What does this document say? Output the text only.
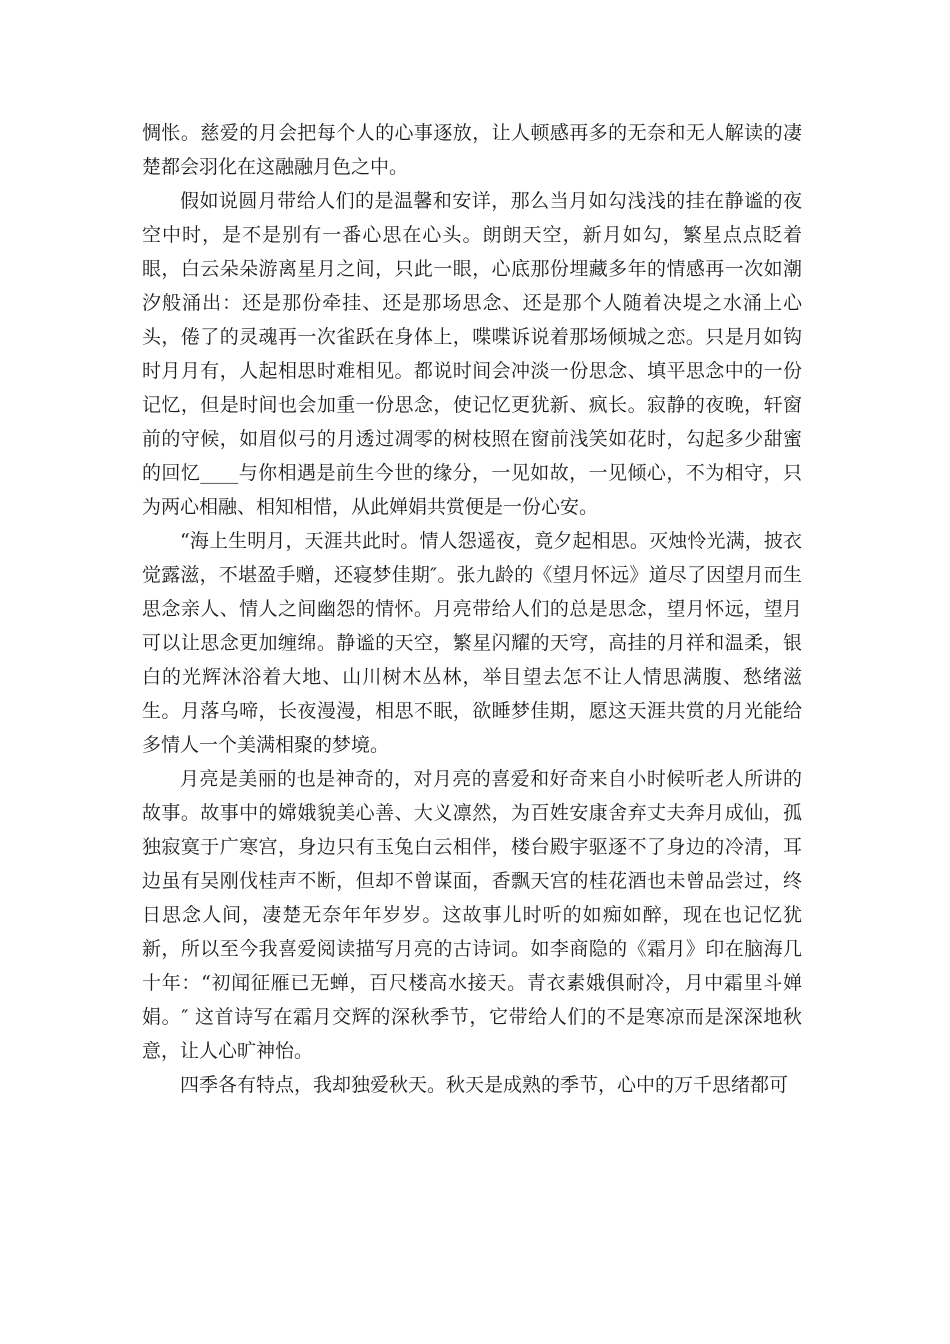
惆怅。慈爱的月会把每个人的心事逐放，让人顿感再多的无奈和无人解读的凄楚都会羽化在这融融月色之中。

假如说圆月带给人们的是温馨和安详，那么当月如勾浅浅的挂在静谧的夜空中时，是不是别有一番心思在心头。朗朗天空，新月如勾，繁星点点眨着眼，白云朵朵游离星月之间，只此一眼，心底那份埋藏多年的情感再一次如潮汐般涌出：还是那份牵挂、还是那场思念、还是那个人随着决堤之水涌上心头，倦了的灵魂再一次雀跃在身体上，喋喋诉说着那场倾城之恋。只是月如钩时月月有，人起相思时难相见。都说时间会冲淡一份思念、填平思念中的一份记忆，但是时间也会加重一份思念，使记忆更犹新、疯长。寂静的夜晚，轩窗前的守候，如眉似弓的月透过凋零的树枝照在窗前浅笑如花时，勾起多少甜蜜的回忆____与你相遇是前生今世的缘分，一见如故，一见倾心，不为相守，只为两心相融、相知相惜，从此婵娟共赏便是一份心安。

“海上生明月，天涯共此时。情人怨遥夜，竟夕起相思。灭烛怜光满，披衣觉露滋，不堪盈手赠，还寝梦佳期″。张九龄的《望月怀远》道尽了因望月而生思念亲人、情人之间幽怨的情怀。月亮带给人们的总是思念，望月怀远，望月可以让思念更加缠绵。静谧的天空，繁星闪耀的天穹，高挂的月祥和温柔，银白的光辉沐浴着大地、山川树木丛林，举目望去怎不让人情思满腹、愁绪滋生。月落乌啼，长夜漫漫，相思不眠，欲睡梦佳期，愿这天涯共赏的月光能给多情人一个美满相聚的梦境。

月亮是美丽的也是神奇的，对月亮的喜爱和好奇来自小时候听老人所讲的故事。故事中的嫦娥貌美心善、大义凛然，为百姓安康舍弃丈夫奔月成仙，孤独寂寞于广寒宫，身边只有玉兔白云相伴，楼台殿宇驱逐不了身边的冷清，耳边虽有吴刚伐桂声不断，但却不曾谋面，香飘天宫的桂花酒也未曾品尝过，终日思念人间，凄楚无奈年年岁岁。这故事儿时听的如痴如醉，现在也记忆犹新，所以至今我喜爱阅读描写月亮的古诗词。如李商隐的《霜月》印在脑海几十年：“初闻征雁已无蝉，百尺楼高水接天。青衣素娥俱耐冷，月中霜里斗婵娟。″ 这首诗写在霜月交辉的深秋季节，它带给人们的不是寒凉而是深深地秋意，让人心旷神怡。

四季各有特点，我却独爱秋天。秋天是成熟的季节，心中的万千思绪都可
